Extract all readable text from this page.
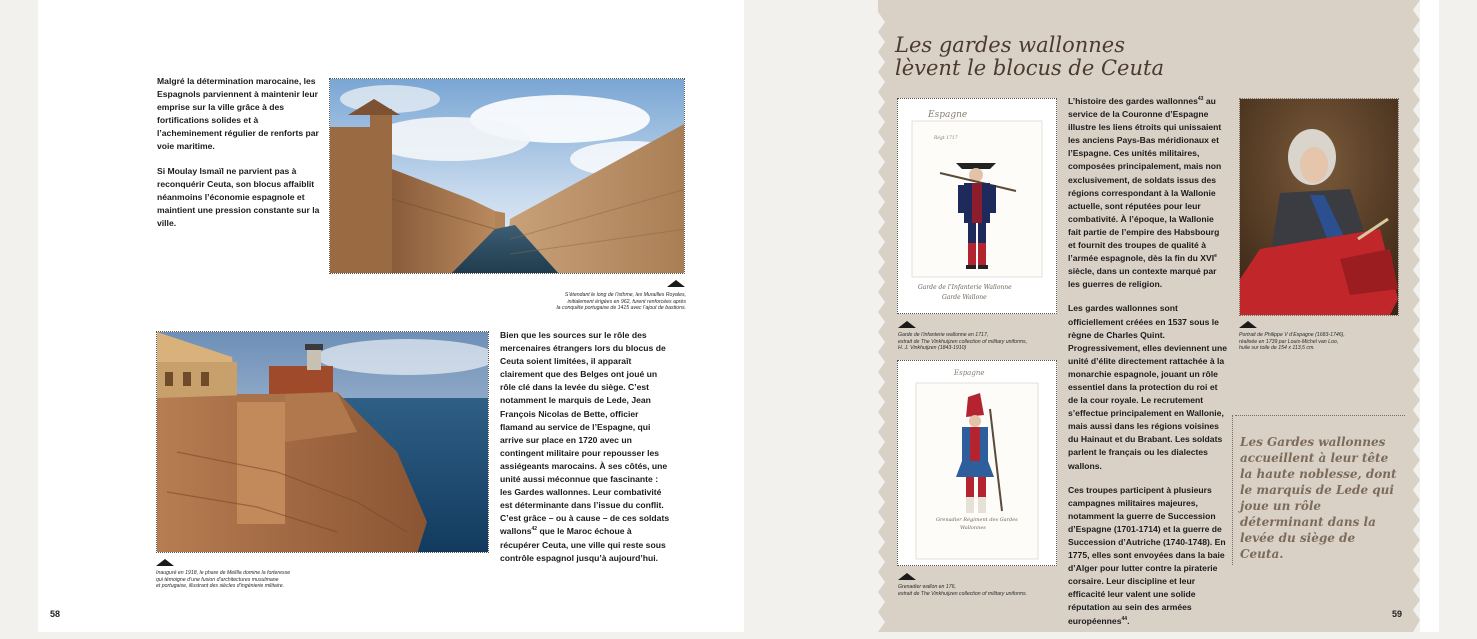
Malgré la détermination marocaine, les Espagnols parviennent à maintenir leur emprise sur la ville grâce à des fortifications solides et à l’acheminement régulier de renforts par voie maritime.

Si Moulay Ismaïl ne parvient pas à reconquérir Ceuta, son blocus affaiblit néanmoins l’économie espagnole et maintient une pression constante sur la ville.

S’étendant le long de l’isthme, les Murailles Royales,
initialement érigées en 962, furent renforcées après
la conquête portugaise de 1415 avec l’ajout de bastions.
Inauguré en 1918, le phare de Melilla domine la forteresse
qui témoigne d’une fusion d’architectures musulmane
et portugaise, illustrant des siècles d’ingénierie militaire.

Bien que les sources sur le rôle des mercenaires étrangers lors du blocus de Ceuta soient limitées, il apparaît clairement que des Belges ont joué un rôle clé dans la levée du siège. C’est notamment le marquis de Lede, Jean François Nicolas de Bette, officier flamand au service de l’Espagne, qui arrive sur place en 1720 avec un contingent militaire pour repousser les assiégeants marocains. À ses côtés, une unité aussi méconnue que fascinante : les Gardes wallonnes. Leur combativité est déterminante dans l’issue du conflit. C’est grâce – ou à cause – de ces soldats wallons$^{42}$ que le Maroc échoue à récupérer Ceuta, une ville qui reste sous contrôle espagnol jusqu’à aujourd’hui.

58
Les gardes wallonnes
lèvent le blocus de Ceuta
Espagne
Régt 1717
Garde de l’Infanterie Wallonne
Garde Wallone
Garde de l’infanterie wallonne en 1717,
extrait de The Vinkhuijzen collection of military uniforms,
H. J. Vinkhuijzen (1843-1910)
Espagne
Grenadier Régiment des Gardes
Wallonnes
Grenadier wallon en 176,
extrait de The Vinkhuijzen collection of military uniforms.

L’histoire des gardes wallonnes$^{43}$ au service de la Couronne d’Espagne illustre les liens étroits qui unissaient les anciens Pays-Bas méridionaux et l’Espagne. Ces unités militaires, composées principalement, mais non exclusivement, de soldats issus des régions correspondant à la Wallonie actuelle, sont réputées pour leur combativité. À l’époque, la Wallonie fait partie de l’empire des Habsbourg et fournit des troupes de qualité à l’armée espagnole, dès la fin du XVIe siècle, dans un contexte marqué par les guerres de religion.

Les gardes wallonnes sont officiellement créées en 1537 sous le règne de Charles Quint. Progressivement, elles deviennent une unité d’élite directement rattachée à la monarchie espagnole, jouant un rôle essentiel dans la protection du roi et de la cour royale. Le recrutement s’effectue principalement en Wallonie, mais aussi dans les régions voisines du Hainaut et du Brabant. Les soldats parlent le français ou les dialectes wallons.

Ces troupes participent à plusieurs campagnes militaires majeures, notamment la guerre de Succession d’Espagne (1701-1714) et la guerre de Succession d’Autriche (1740-1748). En 1775, elles sont envoyées dans la baie d’Alger pour lutter contre la piraterie corsaire. Leur discipline et leur efficacité leur valent une solide réputation au sein des armées européennes$^{44}$.

Portrait de Philippe V d’Espagne (1683-1746),
réalisée en 1739 par Louis-Michel van Loo,
huile sur toile de 154 x 113,5 cm.
Les Gardes wallonnes accueillent à leur tête la haute noblesse, dont le marquis de Lede qui joue un rôle déterminant dans la levée du siège de Ceuta.
59
